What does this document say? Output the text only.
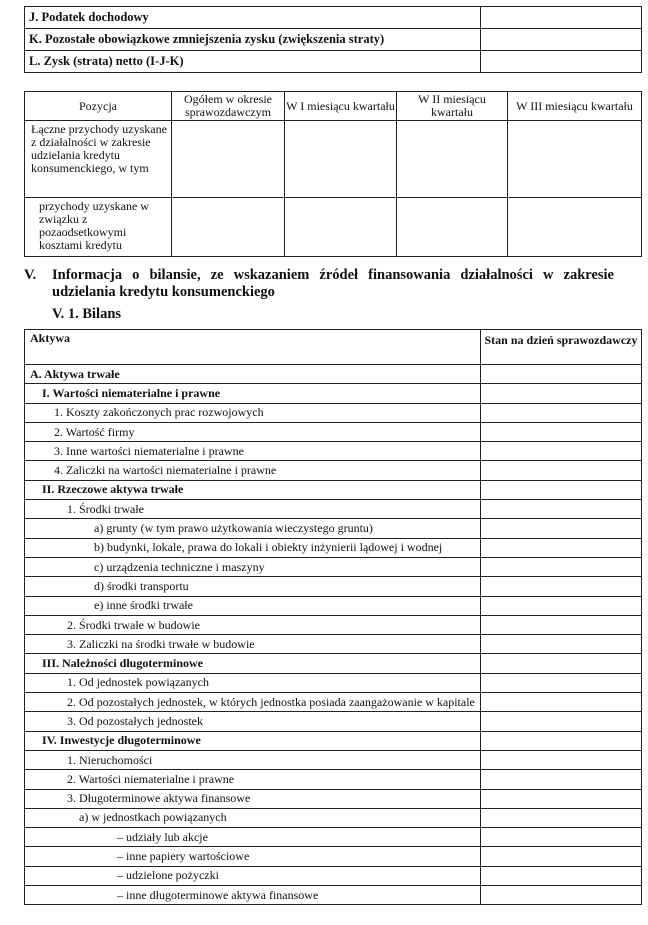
J. Podatek dochodowy	
K. Pozostałe obowiązkowe zmniejszenia zysku (zwiększenia straty)	
L. Zysk (strata) netto (I-J-K)	
Pozycja	Ogółem w okresie sprawozdawczym	W I miesiącu kwartału	W II miesiącu kwartału	W III miesiącu kwartału
Łączne przychody uzyskane z działalności w zakresie udzielania kredytu konsumenckiego, w tym				
przychody uzyskane w związku z pozaodsetkowymi kosztami kredytu				
V. Informacja o bilansie, ze wskazaniem źródeł finansowania działalności w zakresie udzielania kredytu konsumenckiego
V. 1. Bilans
Aktywa	Stan na dzień sprawozdawczy
A. Aktywa trwałe	
I. Wartości niematerialne i prawne	
1. Koszty zakończonych prac rozwojowych	
2. Wartość firmy	
3. Inne wartości niematerialne i prawne	
4. Zaliczki na wartości niematerialne i prawne	
II. Rzeczowe aktywa trwałe	
1. Środki trwałe	
a) grunty (w tym prawo użytkowania wieczystego gruntu)	
b) budynki, lokale, prawa do lokali i obiekty inżynierii lądowej i wodnej	
c) urządzenia techniczne i maszyny	
d) środki transportu	
e) inne środki trwałe	
2. Środki trwałe w budowie	
3. Zaliczki na środki trwałe w budowie	
III. Należności długoterminowe	
1. Od jednostek powiązanych	
2. Od pozostałych jednostek, w których jednostka posiada zaangażowanie w kapitale	
3. Od pozostałych jednostek	
IV. Inwestycje długoterminowe	
1. Nieruchomości	
2. Wartości niematerialne i prawne	
3. Długoterminowe aktywa finansowe	
a) w jednostkach powiązanych	
– udziały lub akcje	
– inne papiery wartościowe	
– udzielone pożyczki	
– inne długoterminowe aktywa finansowe	
